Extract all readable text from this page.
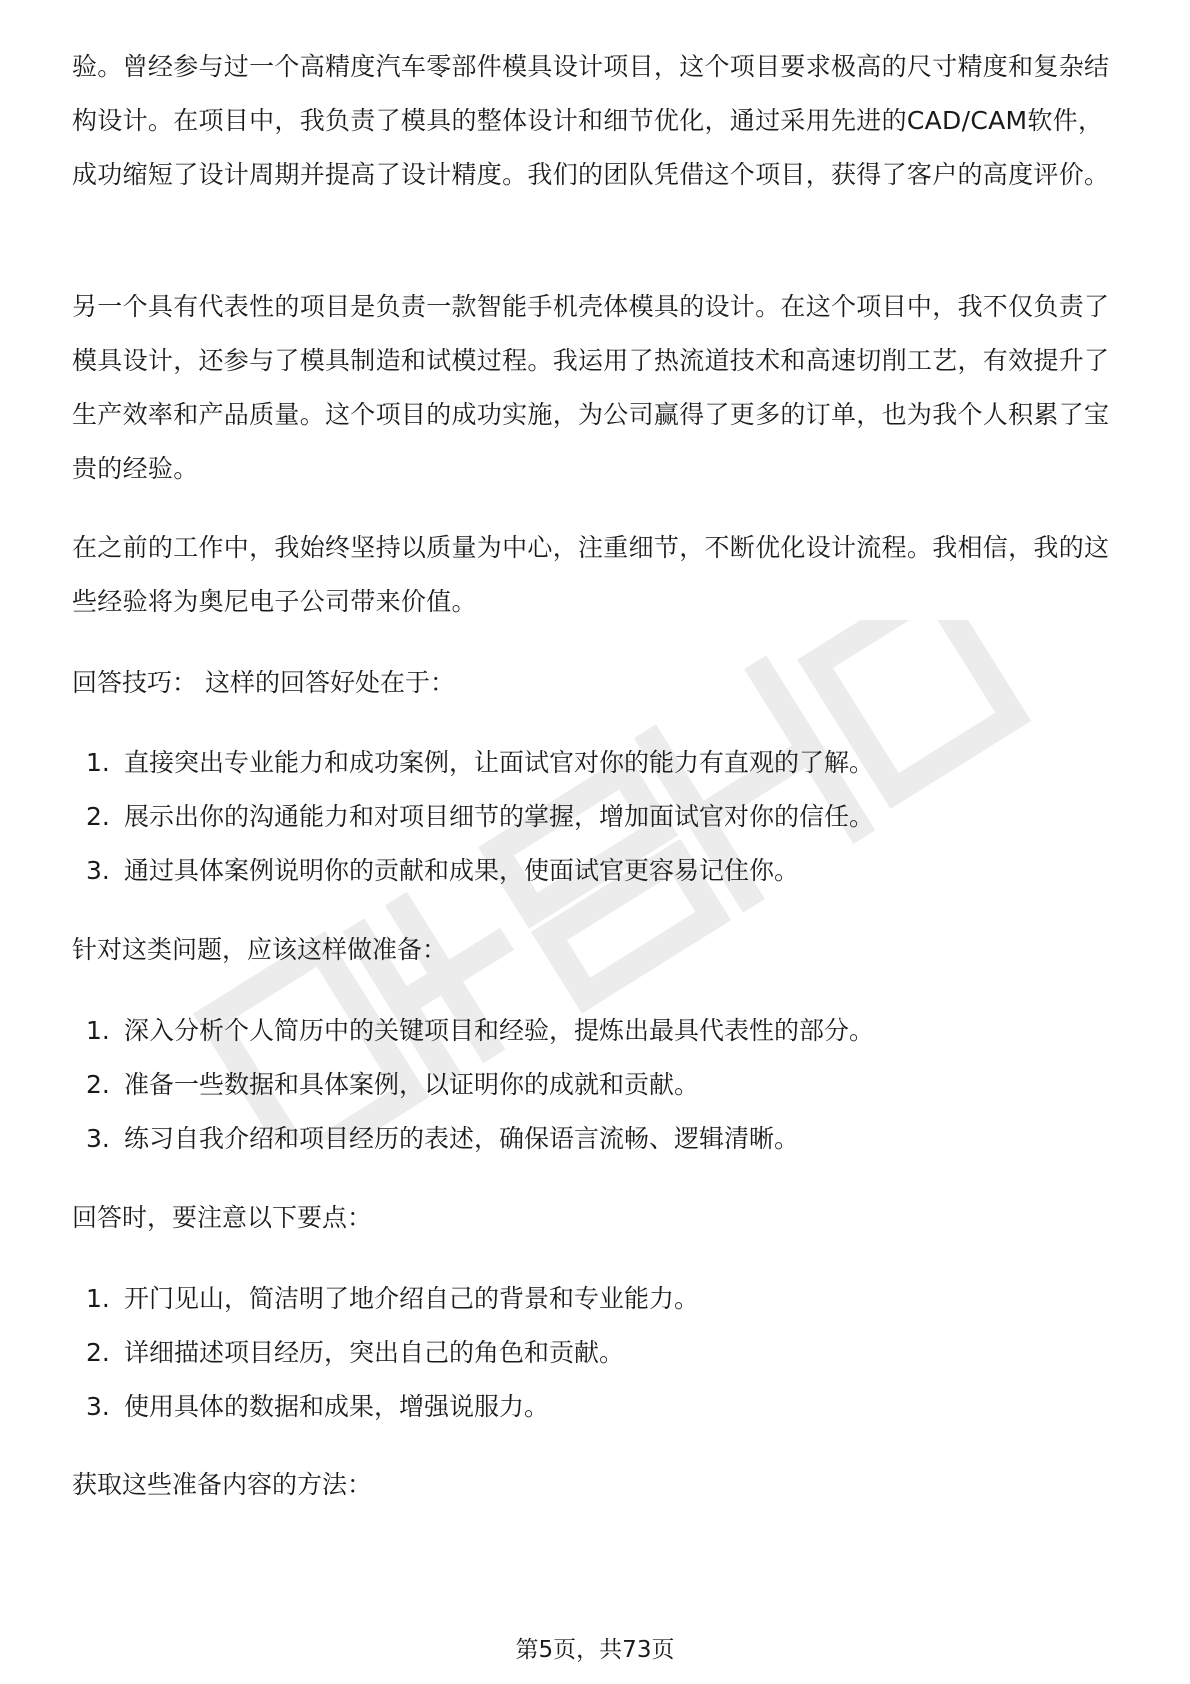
验。曾经参与过一个高精度汽车零部件模具设计项目，这个项目要求极高的尺寸精度和复杂结构设计。在项目中，我负责了模具的整体设计和细节优化，通过采用先进的CAD/CAM软件，成功缩短了设计周期并提高了设计精度。我们的团队凭借这个项目，获得了客户的高度评价。

另一个具有代表性的项目是负责一款智能手机壳体模具的设计。在这个项目中，我不仅负责了模具设计，还参与了模具制造和试模过程。我运用了热流道技术和高速切削工艺，有效提升了生产效率和产品质量。这个项目的成功实施，为公司赢得了更多的订单，也为我个人积累了宝贵的经验。

在之前的工作中，我始终坚持以质量为中心，注重细节，不断优化设计流程。我相信，我的这些经验将为奥尼电子公司带来价值。

回答技巧： 这样的回答好处在于：
1. 直接突出专业能力和成功案例，让面试官对你的能力有直观的了解。
2. 展示出你的沟通能力和对项目细节的掌握，增加面试官对你的信任。
3. 通过具体案例说明你的贡献和成果，使面试官更容易记住你。
针对这类问题，应该这样做准备：
1. 深入分析个人简历中的关键项目和经验，提炼出最具代表性的部分。
2. 准备一些数据和具体案例，以证明你的成就和贡献。
3. 练习自我介绍和项目经历的表述，确保语言流畅、逻辑清晰。
回答时，要注意以下要点：
1. 开门见山，简洁明了地介绍自己的背景和专业能力。
2. 详细描述项目经历，突出自己的角色和贡献。
3. 使用具体的数据和成果，增强说服力。
获取这些准备内容的方法：
第5页，共73页
